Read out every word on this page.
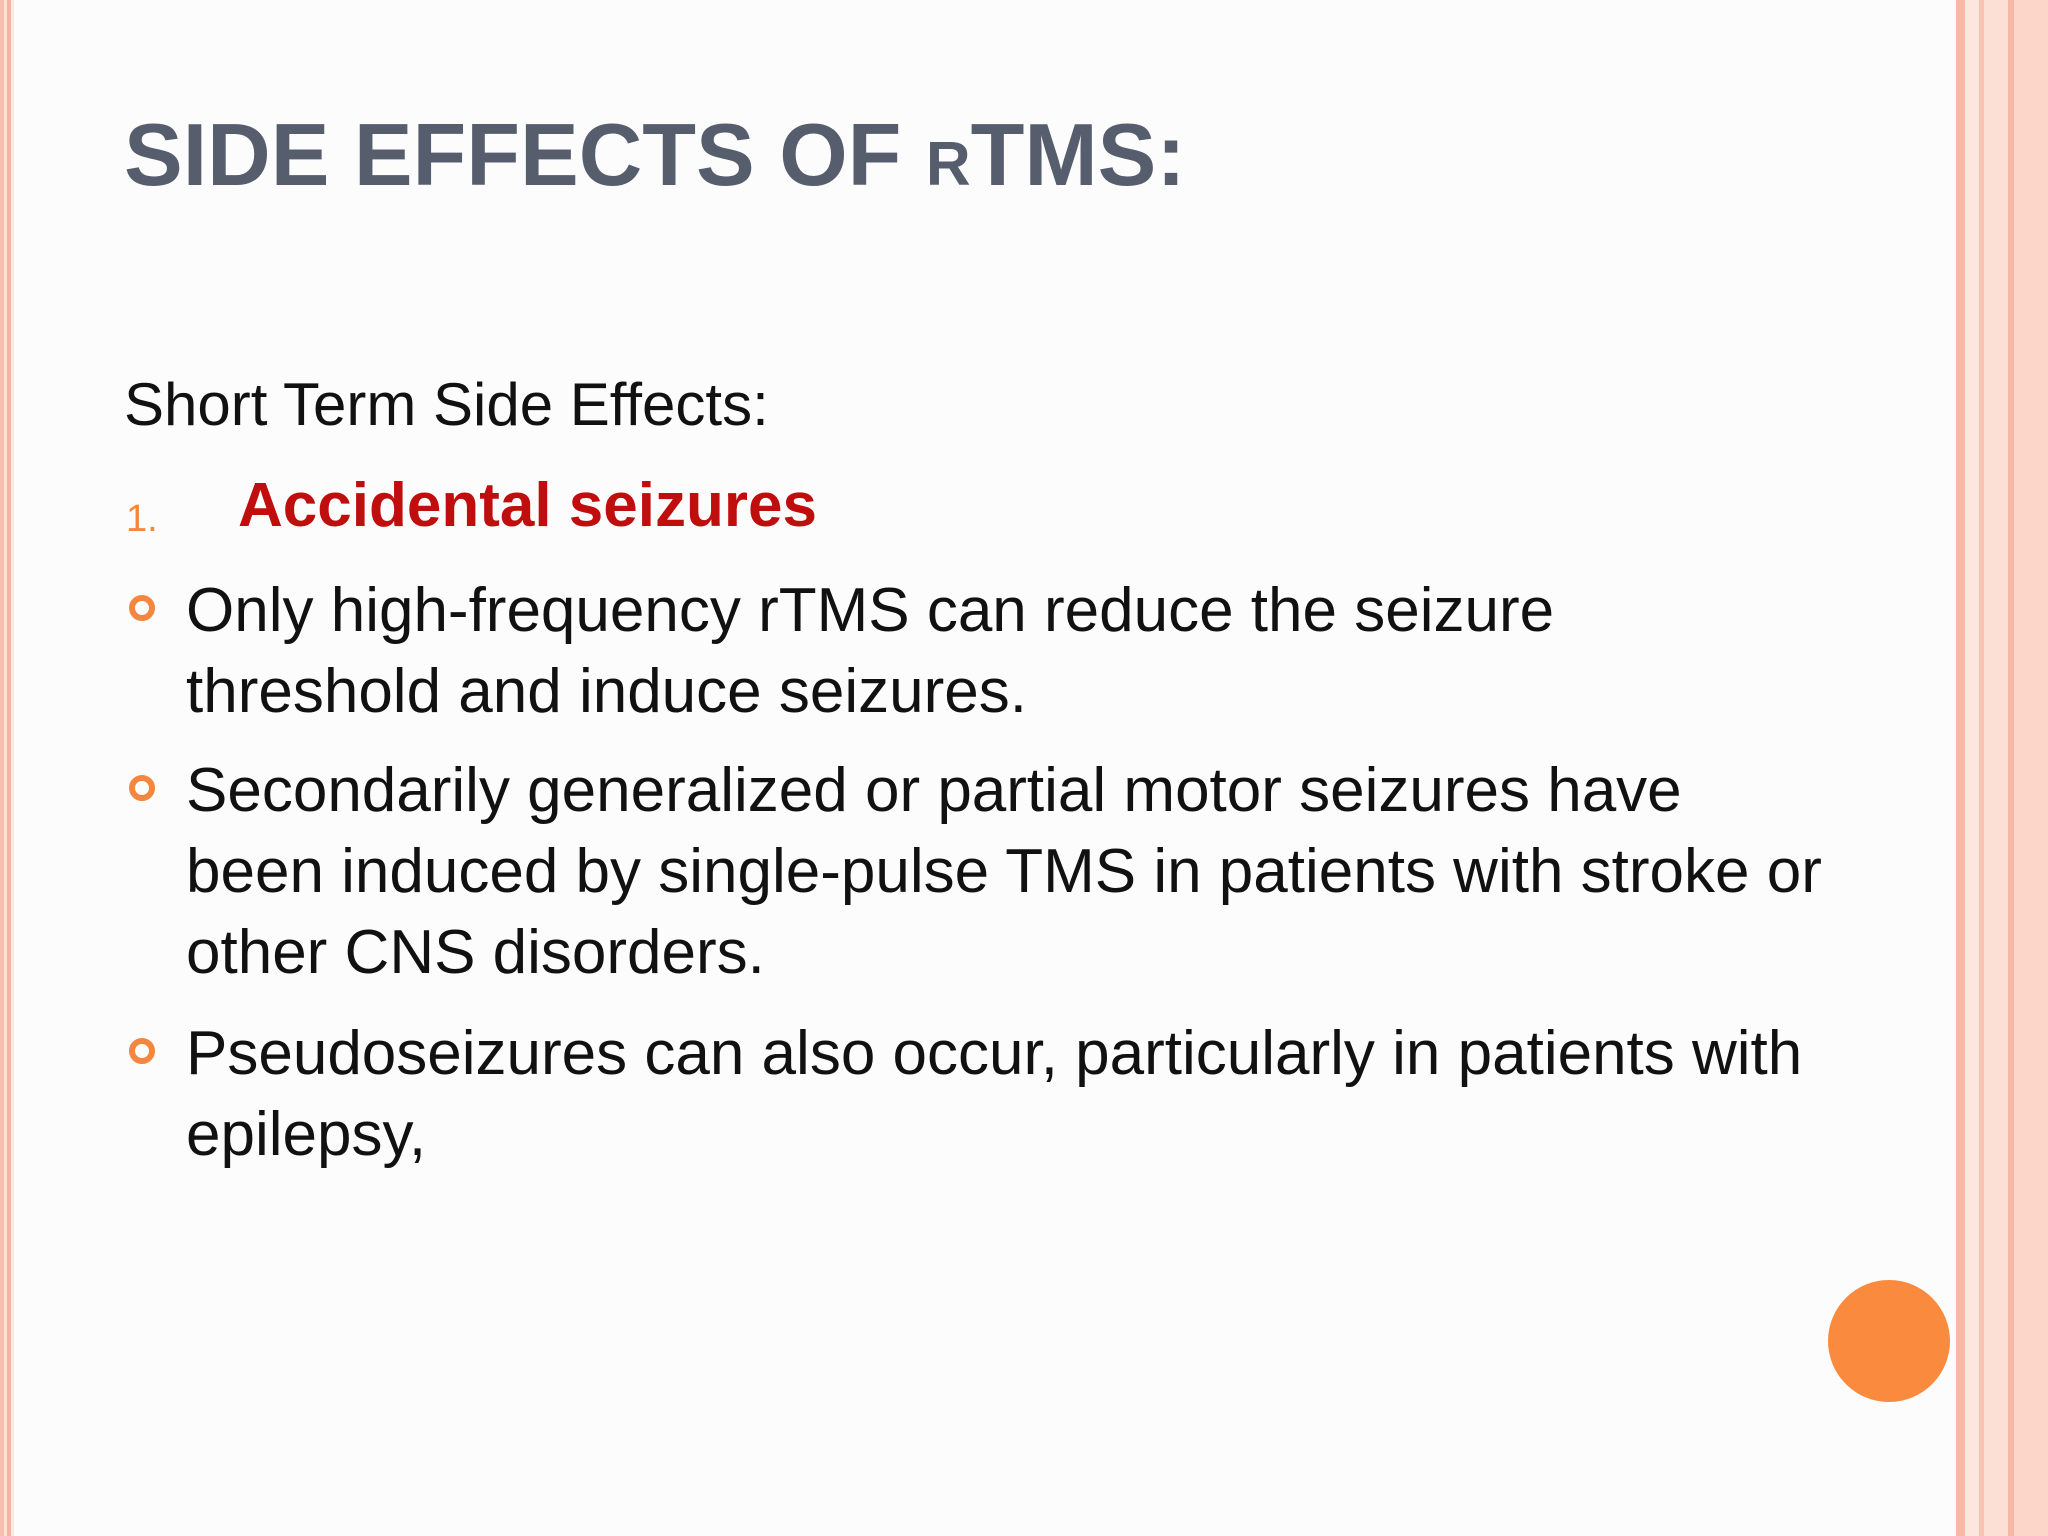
SIDE EFFECTS OF RTMS:
Short Term Side Effects:
1. Accidental seizures
Only high-frequency rTMS can reduce the seizure threshold and induce seizures.
Secondarily generalized or partial motor seizures have been induced by single-pulse TMS in patients with stroke or other CNS disorders.
Pseudoseizures can also occur, particularly in patients with epilepsy,
